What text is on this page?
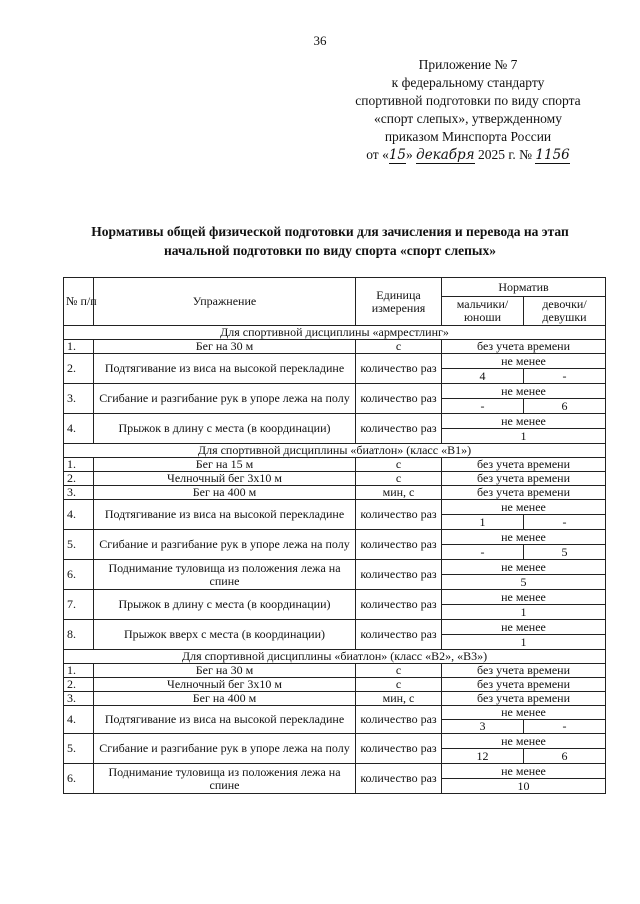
36
Приложение № 7
к федеральному стандарту
спортивной подготовки по виду спорта
«спорт слепых», утвержденному
приказом Минспорта России
от «15» декабря 2025 г. № 1156
Нормативы общей физической подготовки для зачисления и перевода на этап
начальной подготовки по виду спорта «спорт слепых»
№ п/п	Упражнение	Единица измерения	Норматив	
			мальчики/ юноши	девочки/ девушки
Для спортивной дисциплины «армрестлинг»				
1.	Бег на 30 м	с	без учета времени	
2.	Подтягивание из виса на высокой перекладине	количество раз	не менее	
			4	-
3.	Сгибание и разгибание рук в упоре лежа на полу	количество раз	не менее	
			-	6
4.	Прыжок в длину с места (в координации)	количество раз	не менее	
			1	
Для спортивной дисциплины «биатлон» (класс «В1»)				
1.	Бег на 15 м	с	без учета времени	
2.	Челночный бег 3x10 м	с	без учета времени	
3.	Бег на 400 м	мин, с	без учета времени	
4.	Подтягивание из виса на высокой перекладине	количество раз	не менее	
			1	-
5.	Сгибание и разгибание рук в упоре лежа на полу	количество раз	не менее	
			-	5
6.	Поднимание туловища из положения лежа на спине	количество раз	не менее	
			5	
7.	Прыжок в длину с места (в координации)	количество раз	не менее	
			1	
8.	Прыжок вверх с места (в координации)	количество раз	не менее	
			1	
Для спортивной дисциплины «биатлон» (класс «В2», «В3»)				
1.	Бег на 30 м	с	без учета времени	
2.	Челночный бег 3x10 м	с	без учета времени	
3.	Бег на 400 м	мин, с	без учета времени	
4.	Подтягивание из виса на высокой перекладине	количество раз	не менее	
			3	-
5.	Сгибание и разгибание рук в упоре лежа на полу	количество раз	не менее	
			12	6
6.	Поднимание туловища из положения лежа на спине	количество раз	не менее	
			10	
